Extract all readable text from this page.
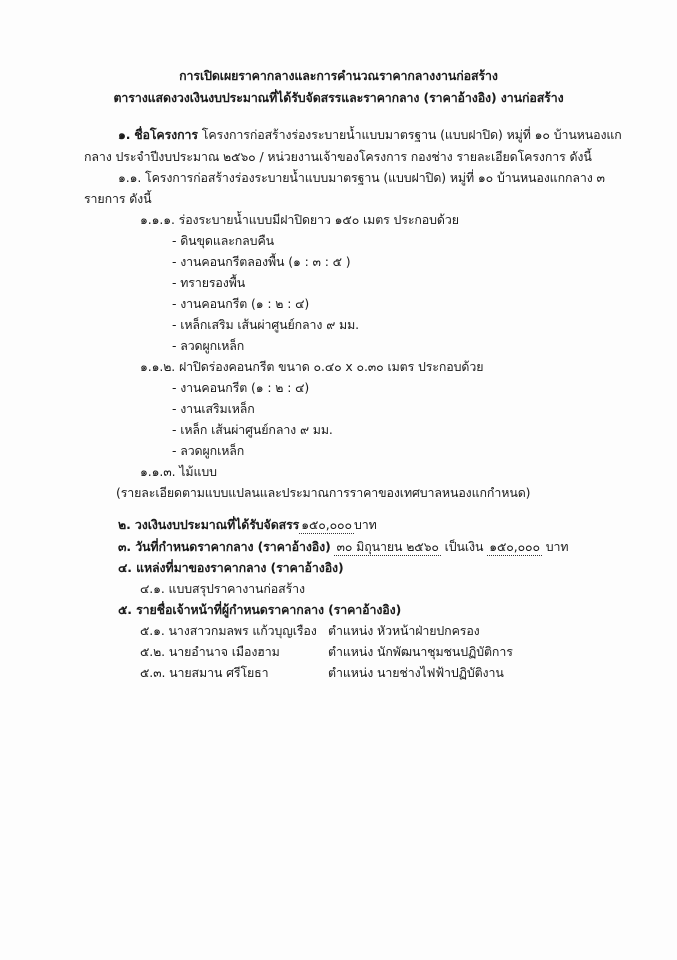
การเปิดเผยราคากลางและการคำนวณราคากลางงานก่อสร้าง
ตารางแสดงวงเงินงบประมาณที่ได้รับจัดสรรและราคากลาง (ราคาอ้างอิง) งานก่อสร้าง
๑. ชื่อโครงการ โครงการก่อสร้างร่องระบายน้ำแบบมาตรฐาน (แบบฝาปิด) หมู่ที่ ๑๐ บ้านหนองแก
กลาง ประจำปีงบประมาณ ๒๕๖๐ / หน่วยงานเจ้าของโครงการ กองช่าง รายละเอียดโครงการ ดังนี้
๑.๑. โครงการก่อสร้างร่องระบายน้ำแบบมาตรฐาน (แบบฝาปิด) หมู่ที่ ๑๐ บ้านหนองแกกลาง ๓
รายการ ดังนี้
๑.๑.๑. ร่องระบายน้ำแบบมีฝาปิดยาว ๑๕๐ เมตร ประกอบด้วย
- ดินขุดและกลบคืน
- งานคอนกรีตลองพื้น (๑ : ๓ : ๕ )
- ทรายรองพื้น
- งานคอนกรีต (๑ : ๒ : ๔)
- เหล็กเสริม เส้นผ่าศูนย์กลาง ๙ มม.
- ลวดผูกเหล็ก
๑.๑.๒. ฝาปิดร่องคอนกรีต ขนาด ๐.๔๐ x ๐.๓๐ เมตร ประกอบด้วย
- งานคอนกรีต (๑ : ๒ : ๔)
- งานเสริมเหล็ก
- เหล็ก เส้นผ่าศูนย์กลาง ๙ มม.
- ลวดผูกเหล็ก
๑.๑.๓. ไม้แบบ
(รายละเอียดตามแบบแปลนและประมาณการราคาของเทศบาลหนองแกกำหนด)
๒. วงเงินงบประมาณที่ได้รับจัดสรร ๑๕๐,๐๐๐ บาท
๓. วันที่กำหนดราคากลาง (ราคาอ้างอิง) ๓๐ มิถุนายน ๒๕๖๐ เป็นเงิน ๑๕๐,๐๐๐ บาท
๔. แหล่งที่มาของราคากลาง (ราคาอ้างอิง)
๔.๑. แบบสรุปราคางานก่อสร้าง
๕. รายชื่อเจ้าหน้าที่ผู้กำหนดราคากลาง (ราคาอ้างอิง)
๕.๑. นางสาวกมลพร แก้วบุญเรือง ตำแหน่ง หัวหน้าฝ่ายปกครอง
๕.๒. นายอำนาจ เมืองฮาม	ตำแหน่ง นักพัฒนาชุมชนปฏิบัติการ
๕.๓. นายสมาน ศรีโยธา	ตำแหน่ง นายช่างไฟฟ้าปฏิบัติงาน
